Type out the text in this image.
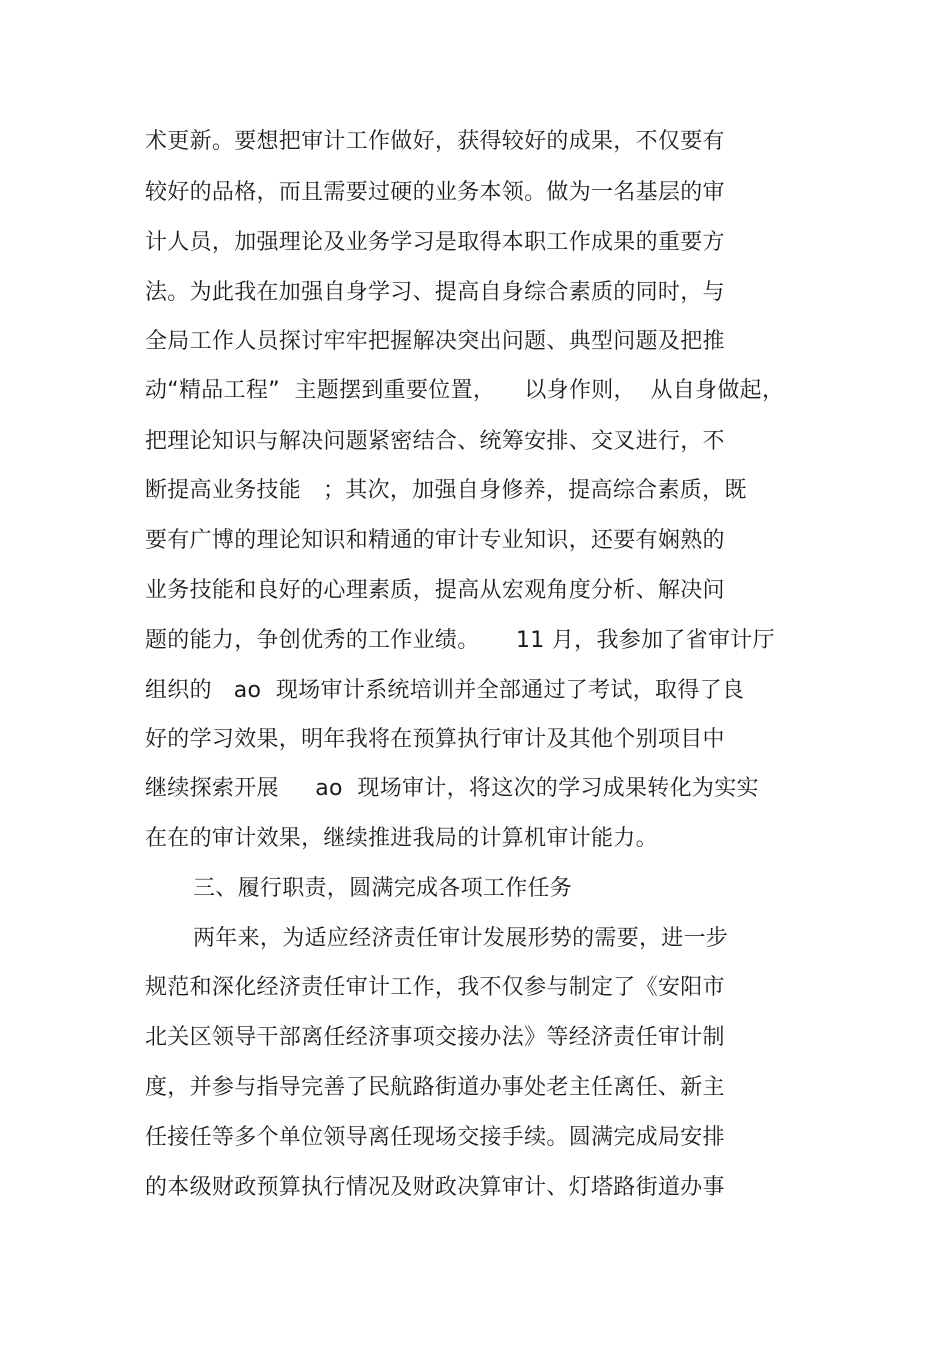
术更新。要想把审计工作做好，获得较好的成果，不仅要有
较好的品格，而且需要过硬的业务本领。做为一名基层的审
计人员，加强理论及业务学习是取得本职工作成果的重要方
法。为此我在加强自身学习、提高自身综合素质的同时，与
全局工作人员探讨牢牢把握解决突出问题、典型问题及把推
动“精品工程”  主题摆到重要位置，    以身作则，  从自身做起，
把理论知识与解决问题紧密结合、统筹安排、交叉进行，不
断提高业务技能   ；其次，加强自身修养，提高综合素质，既
要有广博的理论知识和精通的审计专业知识，还要有娴熟的
业务技能和良好的心理素质，提高从宏观角度分析、解决问
题的能力，争创优秀的工作业绩。     11 月，我参加了省审计厅
组织的   ao  现场审计系统培训并全部通过了考试，取得了良
好的学习效果，明年我将在预算执行审计及其他个别项目中
继续探索开展     ao  现场审计，将这次的学习成果转化为实实
在在的审计效果，继续推进我局的计算机审计能力。
三、履行职责，圆满完成各项工作任务
两年来，为适应经济责任审计发展形势的需要，进一步
规范和深化经济责任审计工作，我不仅参与制定了《安阳市
北关区领导干部离任经济事项交接办法》等经济责任审计制
度，并参与指导完善了民航路街道办事处老主任离任、新主
任接任等多个单位领导离任现场交接手续。圆满完成局安排
的本级财政预算执行情况及财政决算审计、灯塔路街道办事
